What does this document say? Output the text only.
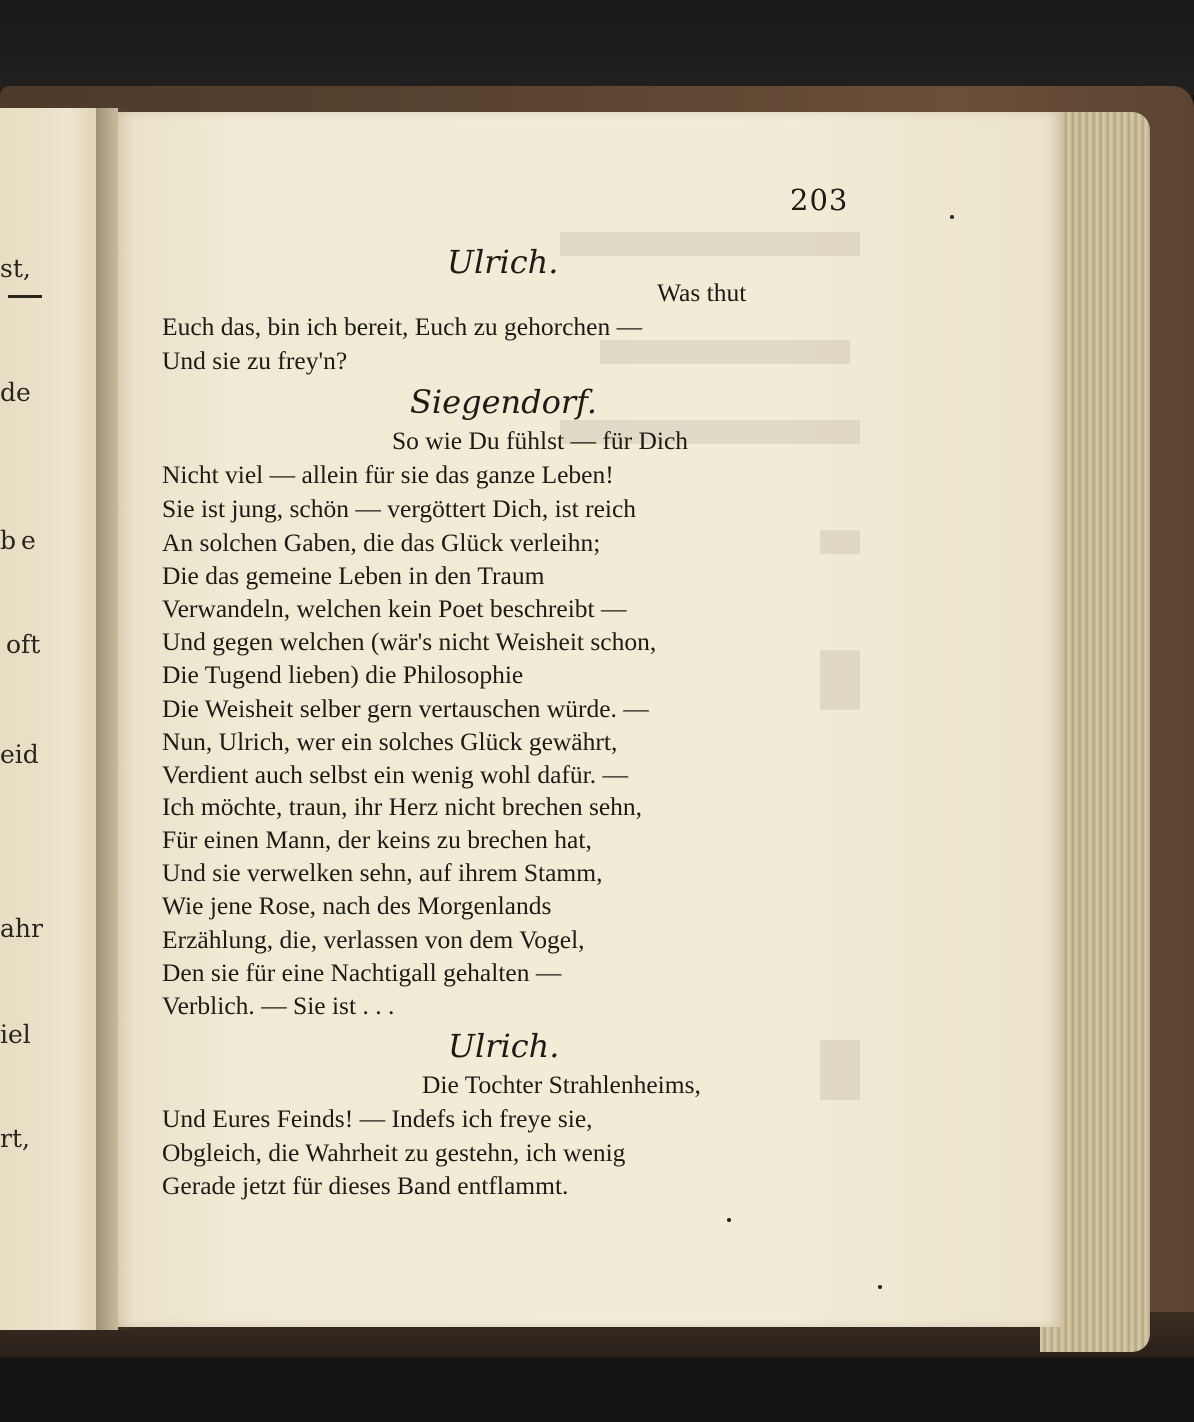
st,
de
be
oft
eid
ahr
iel
rt,
203
Ulrich.
Was thut
Euch das, bin ich bereit, Euch zu gehorchen —
Und sie zu frey'n?
Siegendorf.
So wie Du fühlst — für Dich
Nicht viel — allein für sie das ganze Leben!
Sie ist jung, schön — vergöttert Dich, ist reich
An solchen Gaben, die das Glück verleihn;
Die das gemeine Leben in den Traum
Verwandeln, welchen kein Poet beschreibt —
Und gegen welchen (wär's nicht Weisheit schon,
Die Tugend lieben) die Philosophie
Die Weisheit selber gern vertauschen würde. —
Nun, Ulrich, wer ein solches Glück gewährt,
Verdient auch selbst ein wenig wohl dafür. —
Ich möchte, traun, ihr Herz nicht brechen sehn,
Für einen Mann, der keins zu brechen hat,
Und sie verwelken sehn, auf ihrem Stamm,
Wie jene Rose, nach des Morgenlands
Erzählung, die, verlassen von dem Vogel,
Den sie für eine Nachtigall gehalten —
Verblich. — Sie ist . . .
Ulrich.
Die Tochter Strahlenheims,
Und Eures Feinds! — Indefs ich freye sie,
Obgleich, die Wahrheit zu gestehn, ich wenig
Gerade jetzt für dieses Band entflammt.
